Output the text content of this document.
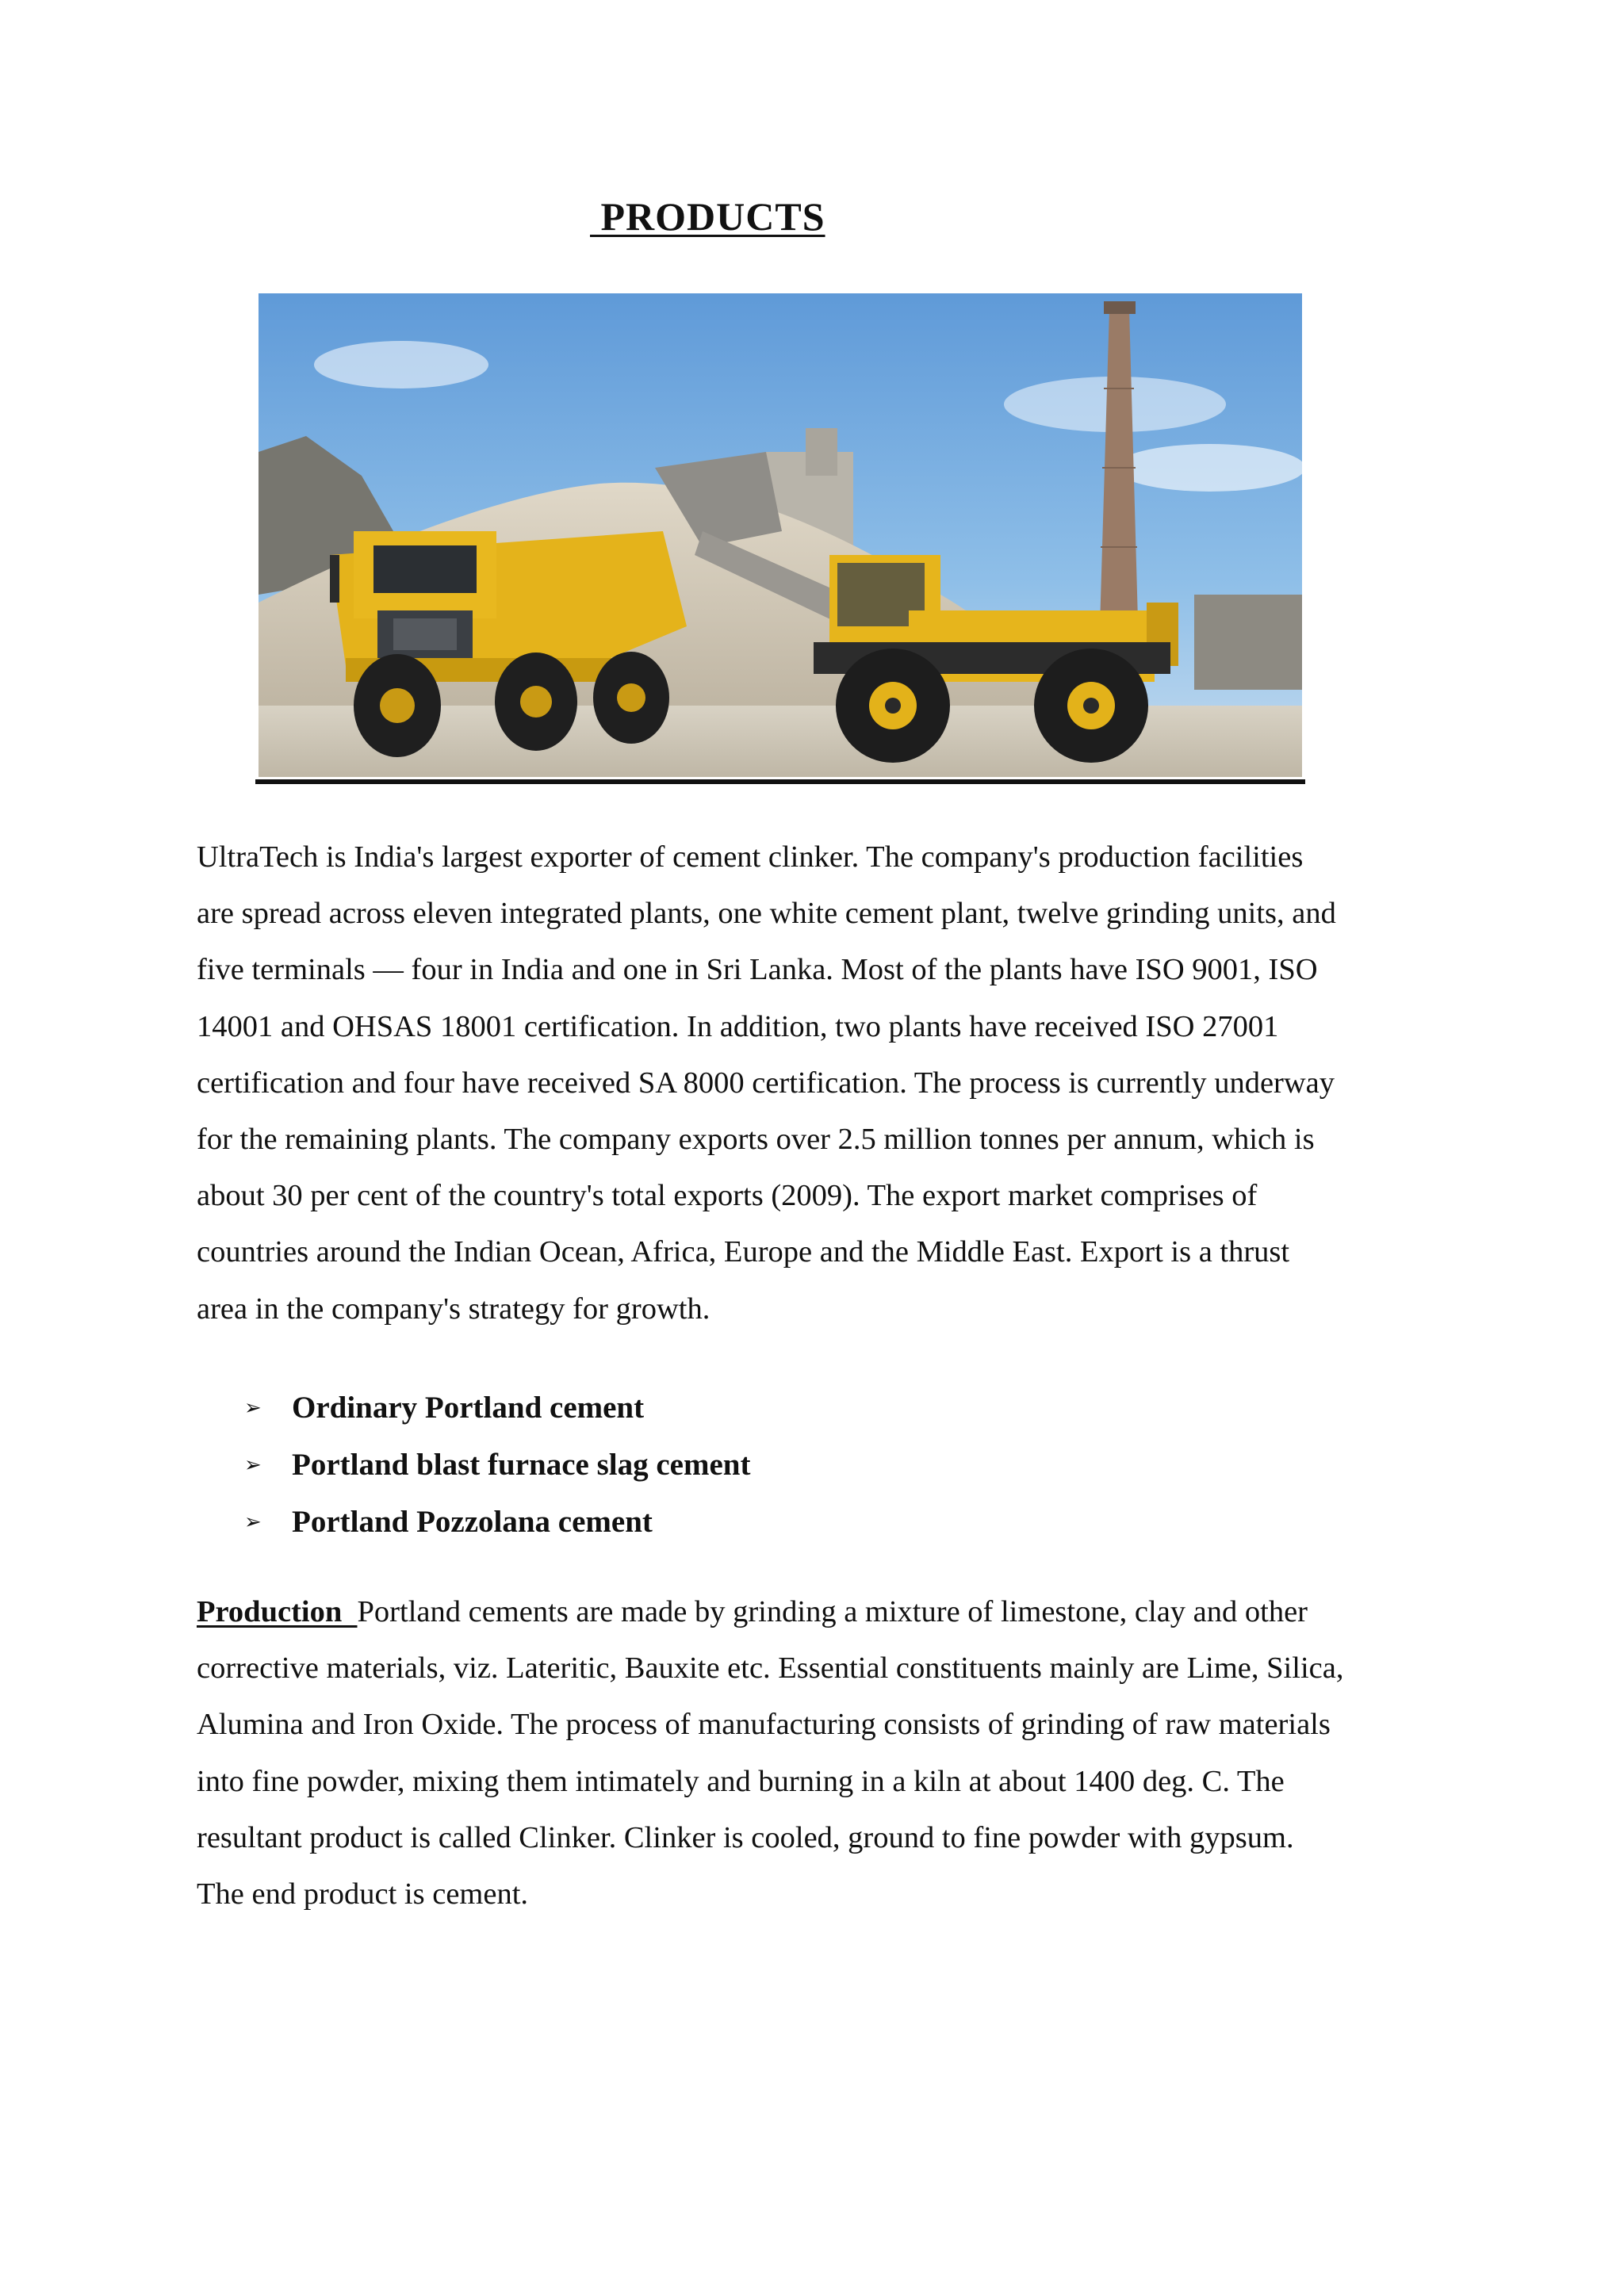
PRODUCTS
UltraTech is India's largest exporter of cement clinker. The company's production facilities
are spread across eleven integrated plants, one white cement plant, twelve grinding units, and
five terminals — four in India and one in Sri Lanka. Most of the plants have ISO 9001, ISO
14001 and OHSAS 18001 certification. In addition, two plants have received ISO 27001
certification and four have received SA 8000 certification. The process is currently underway
for the remaining plants. The company exports over 2.5 million tonnes per annum, which is
about 30 per cent of the country's total exports (2009). The export market comprises of
countries around the Indian Ocean, Africa, Europe and the Middle East. Export is a thrust
area in the company's strategy for growth.
➢ Ordinary Portland cement
➢ Portland blast furnace slag cement
➢ Portland Pozzolana cement
Production  Portland cements are made by grinding a mixture of limestone, clay and other
corrective materials, viz. Lateritic, Bauxite etc. Essential constituents mainly are Lime, Silica,
Alumina and Iron Oxide. The process of manufacturing consists of grinding of raw materials
into fine powder, mixing them intimately and burning in a kiln at about 1400 deg. C. The
resultant product is called Clinker. Clinker is cooled, ground to fine powder with gypsum.
The end product is cement.
